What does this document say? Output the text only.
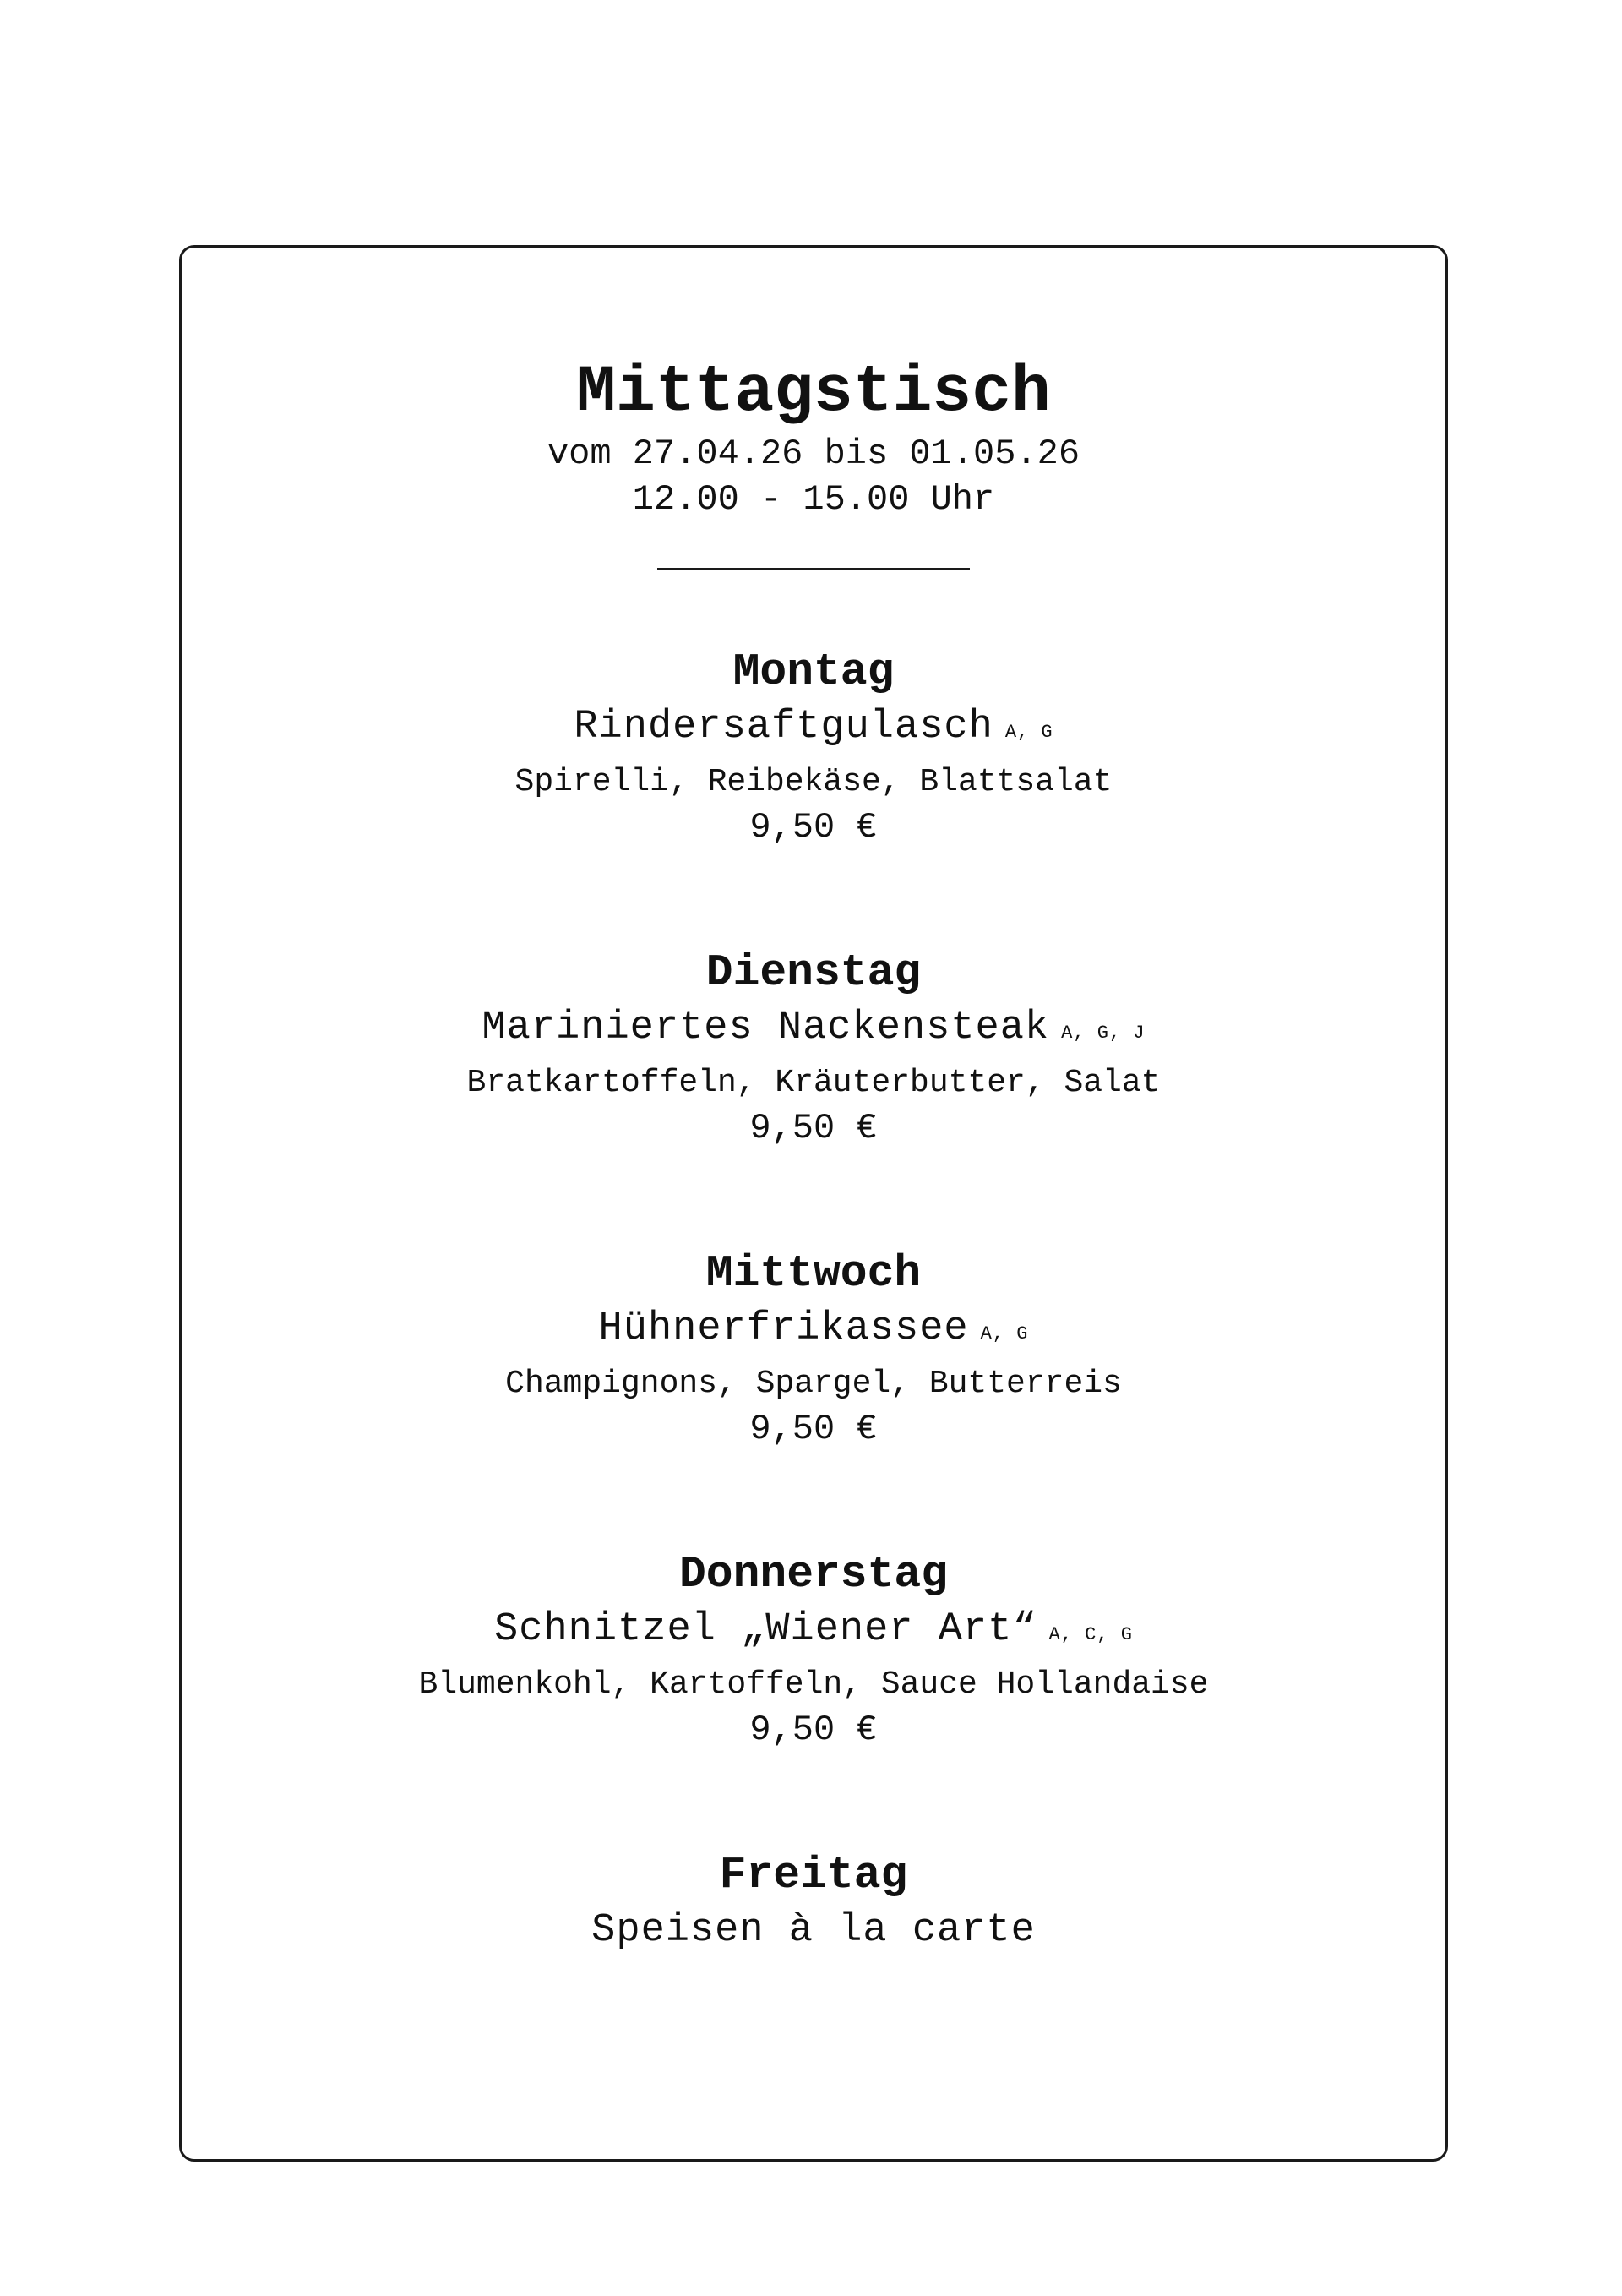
Mittagstisch

vom 27.04.26 bis 01.05.26

12.00 - 15.00 Uhr

Montag

Rindersaftgulasch A, G

Spirelli, Reibekäse, Blattsalat

9,50 €

Dienstag

Mariniertes Nackensteak A, G, J

Bratkartoffeln, Kräuterbutter, Salat

9,50 €

Mittwoch

Hühnerfrikassee A, G

Champignons, Spargel, Butterreis

9,50 €

Donnerstag

Schnitzel „Wiener Art“ A, C, G

Blumenkohl, Kartoffeln, Sauce Hollandaise

9,50 €

Freitag

Speisen à la carte
